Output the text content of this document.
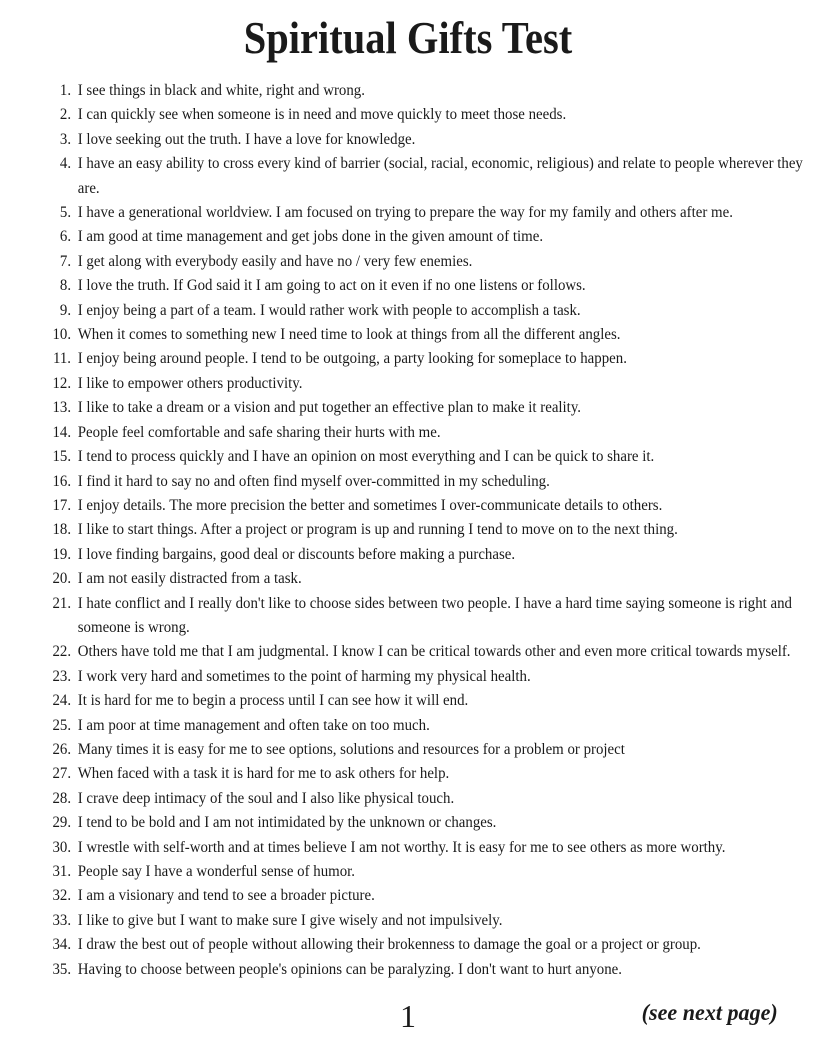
Spiritual Gifts Test
1. I see things in black and white, right and wrong.
2. I can quickly see when someone is in need and move quickly to meet those needs.
3. I love seeking out the truth. I have a love for knowledge.
4. I have an easy ability to cross every kind of barrier (social, racial, economic, religious) and relate to people wherever they are.
5. I have a generational worldview. I am focused on trying to prepare the way for my family and others after me.
6. I am good at time management and get jobs done in the given amount of time.
7. I get along with everybody easily and have no / very few enemies.
8. I love the truth. If God said it I am going to act on it even if no one listens or follows.
9. I enjoy being a part of a team. I would rather work with people to accomplish a task.
10. When it comes to something new I need time to look at things from all the different angles.
11. I enjoy being around people. I tend to be outgoing, a party looking for someplace to happen.
12. I like to empower others productivity.
13. I like to take a dream or a vision and put together an effective plan to make it reality.
14. People feel comfortable and safe sharing their hurts with me.
15. I tend to process quickly and I have an opinion on most everything and I can be quick to share it.
16. I find it hard to say no and often find myself over-committed in my scheduling.
17. I enjoy details. The more precision the better and sometimes I over-communicate details to others.
18. I like to start things. After a project or program is up and running I tend to move on to the next thing.
19. I love finding bargains, good deal or discounts before making a purchase.
20. I am not easily distracted from a task.
21. I hate conflict and I really don't like to choose sides between two people. I have a hard time saying someone is right and someone is wrong.
22. Others have told me that I am judgmental. I know I can be critical towards other and even more critical towards myself.
23. I work very hard and sometimes to the point of harming my physical health.
24. It is hard for me to begin a process until I can see how it will end.
25. I am poor at time management and often take on too much.
26. Many times it is easy for me to see options, solutions and resources for a problem or project
27. When faced with a task it is hard for me to ask others for help.
28. I crave deep intimacy of the soul and I also like physical touch.
29. I tend to be bold and I am not intimidated by the unknown or changes.
30. I wrestle with self-worth and at times believe I am not worthy. It is easy for me to see others as more worthy.
31. People say I have a wonderful sense of humor.
32. I am a visionary and tend to see a broader picture.
33. I like to give but I want to make sure I give wisely and not impulsively.
34. I draw the best out of people without allowing their brokenness to damage the goal or a project or group.
35. Having to choose between people's opinions can be paralyzing. I don't want to hurt anyone.
1	(see next page)
